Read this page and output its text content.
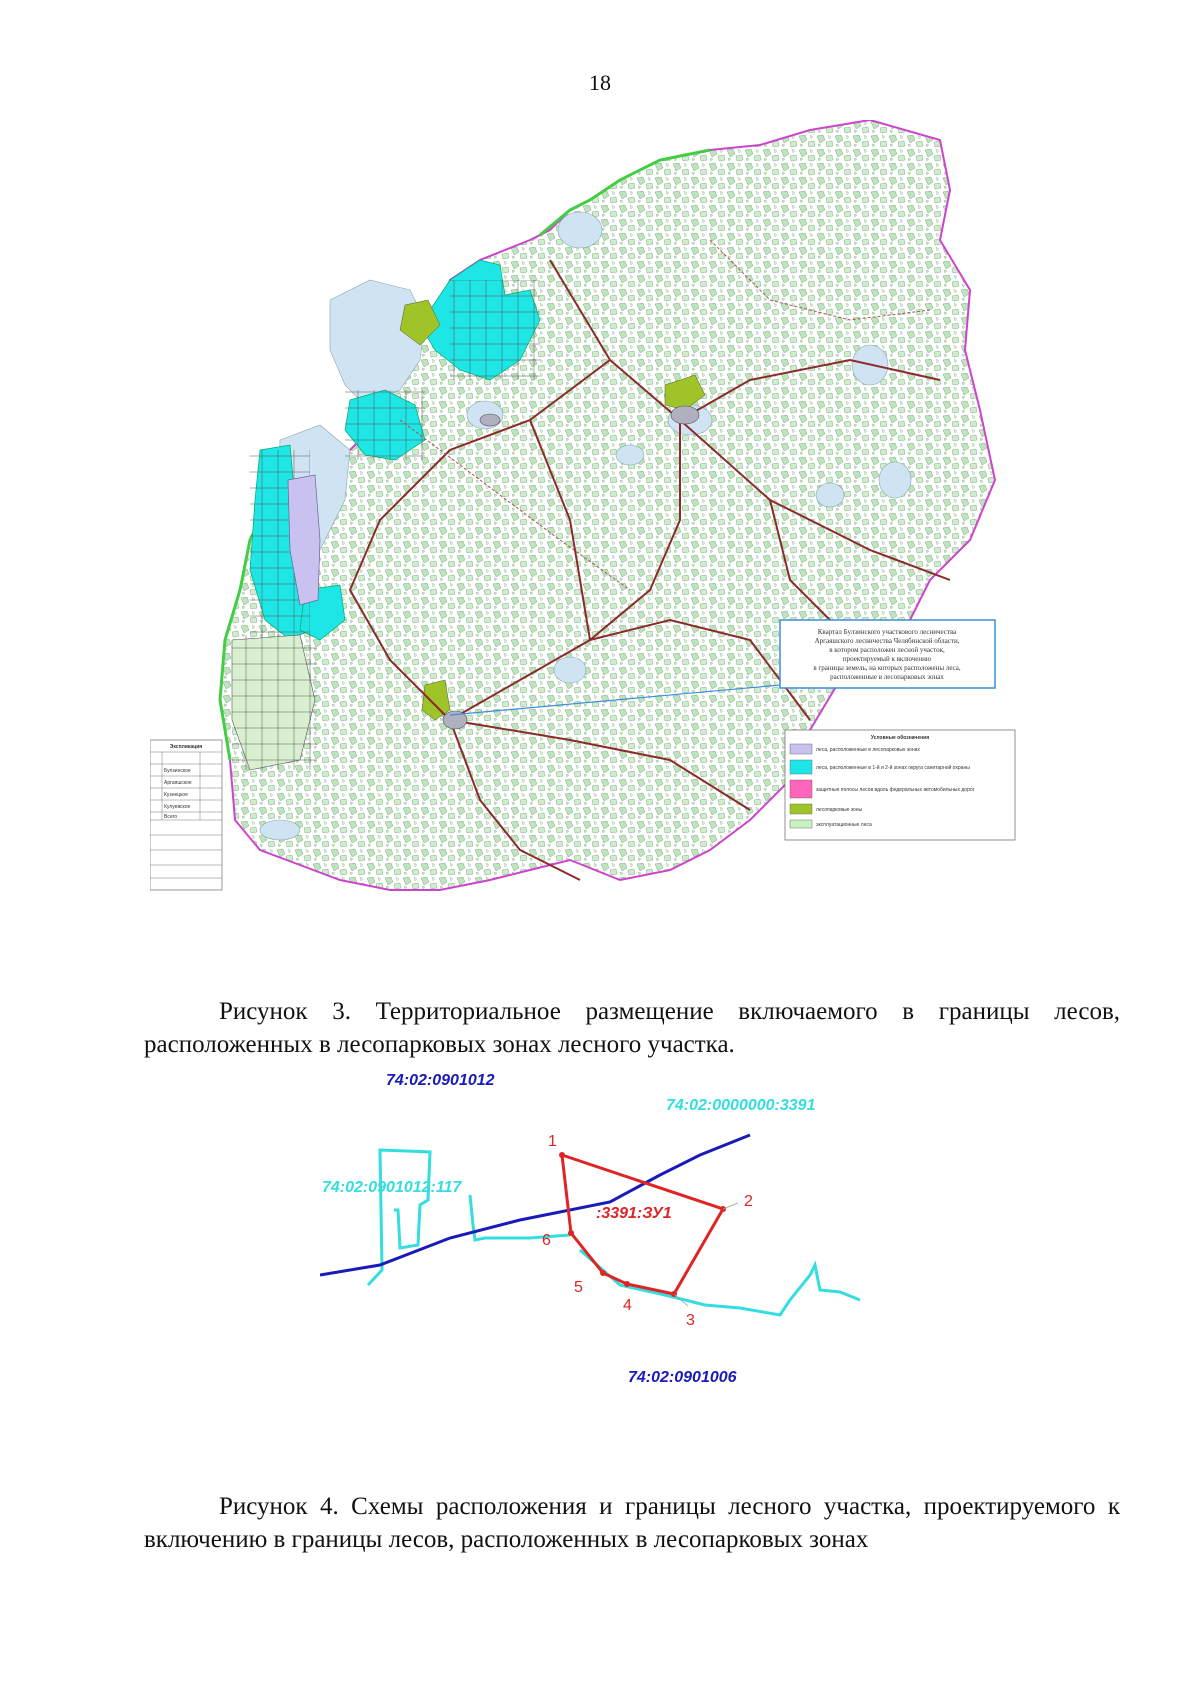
18
Квартал Булзинского участкового лесничества
Аргаяшского лесничества Челябинской области,
в котором расположен лесной участок,
проектируемый к включению
в границы земель, на которых расположены леса,
расположенные в лесопарковых зонах
Условные обозначения
леса, расположенные в лесопарковых зонах
леса, расположенные в 1-й и 2-й зонах округа санитарной охраны
защитные полосы лесов вдоль федеральных автомобильных дорог
лесопарковые зоны
эксплуатационные леса
Экспликация
Булзинское
Аргаяшское
Кузнецкое
Кулуевское
Всего

Рисунок 3. Территориальное размещение включаемого в границы лесов, расположенных в лесопарковых зонах лесного участка.

1
2
3
4
5
6
74:02:0901012
74:02:0000000:3391
74:02:0901012:117
:3391:ЗУ1
74:02:0901006

Рисунок 4. Схемы расположения и границы лесного участка, проектируемого к включению в границы лесов, расположенных в лесопарковых зонах
